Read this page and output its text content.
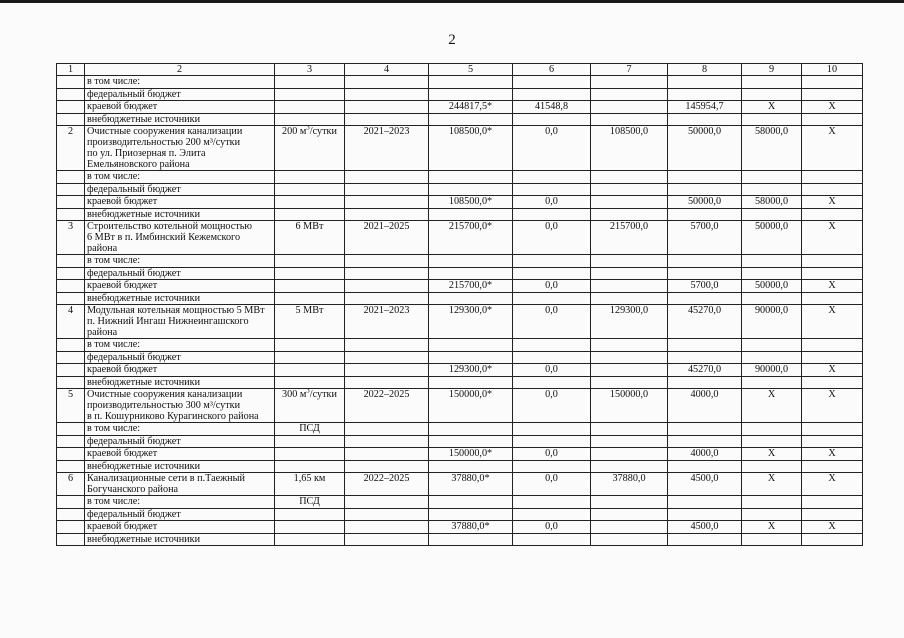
2
1	2	3	4	5	6	7	8	9	10
	в том числе:								
	федеральный бюджет								
	краевой бюджет			244817,5*	41548,8		145954,7	Х	Х
	внебюджетные источники								
2	Очистные сооружения канализации
производительностью 200 м³/сутки
по ул. Приозерная п. Элита
Емельяновского района	200 $м^3$/сутки	2021–2023	108500,0*	0,0	108500,0	50000,0	58000,0	Х
	в том числе:								
	федеральный бюджет								
	краевой бюджет			108500,0*	0,0		50000,0	58000,0	Х
	внебюджетные источники								
3	Строительство котельной мощностью
6 МВт в п. Имбинский Кежемского района	6 МВт	2021–2025	215700,0*	0,0	215700,0	5700,0	50000,0	Х
	в том числе:								
	федеральный бюджет								
	краевой бюджет			215700,0*	0,0		5700,0	50000,0	Х
	внебюджетные источники								
4	Модульная котельная мощностью 5 МВт
п. Нижний Ингаш Нижнеингашского
района	5 МВт	2021–2023	129300,0*	0,0	129300,0	45270,0	90000,0	Х
	в том числе:								
	федеральный бюджет								
	краевой бюджет			129300,0*	0,0		45270,0	90000,0	Х
	внебюджетные источники								
5	Очистные сооружения канализации
производительностью 300 м³/сутки
в п. Кошурниково Курагинского района	300 $м^3$/сутки	2022–2025	150000,0*	0,0	150000,0	4000,0	Х	Х
	в том числе:	ПСД							
	федеральный бюджет								
	краевой бюджет			150000,0*	0,0		4000,0	Х	Х
	внебюджетные источники								
6	Канализационные сети в п.Таежный
Богучанского района	1,65 км	2022–2025	37880,0*	0,0	37880,0	4500,0	Х	Х
	в том числе:	ПСД							
	федеральный бюджет								
	краевой бюджет			37880,0*	0,0		4500,0	Х	Х
	внебюджетные источники								
